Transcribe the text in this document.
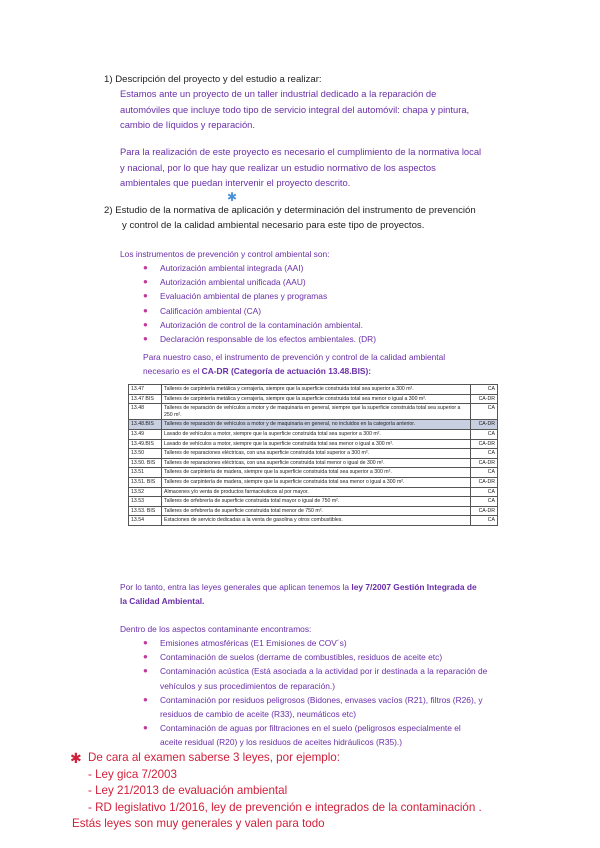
1) Descripción del proyecto y del estudio a realizar:
Estamos ante un proyecto de un taller industrial dedicado a la reparación de
automóviles que incluye todo tipo de servicio integral del automóvil: chapa y pintura,
cambio de líquidos y reparación.
Para la realización de este proyecto es necesario el cumplimiento de la normativa local
y nacional, por lo que hay que realizar un estudio normativo de los aspectos
ambientales que puedan intervenir el proyecto descrito.
✱
2) Estudio de la normativa de aplicación y determinación del instrumento de prevención
y control de la calidad ambiental necesario para este tipo de proyectos.
Los instrumentos de prevención y control ambiental son:
● Autorización ambiental integrada (AAI)
● Autorización ambiental unificada (AAU)
● Evaluación ambiental de planes y programas
● Calificación ambiental (CA)
● Autorización de control de la contaminación ambiental.
● Declaración responsable de los efectos ambientales. (DR)
Para nuestro caso, el instrumento de prevención y control de la calidad ambiental
necesario es el CA-DR (Categoría de actuación 13.48.BIS):
13.47	Talleres de carpintería metálica y cerrajería, siempre que la superficie construida total sea superior a 300 m².	CA
13.47 BIS	Talleres de carpintería metálica y cerrajería, siempre que la superficie construida total sea menor o igual a 300 m².	CA-DR
13.48	Talleres de reparación de vehículos a motor y de maquinaria en general, siempre que la superficie construida total sea superior a 250 m².	CA
13.48.BIS	Talleres de reparación de vehículos a motor y de maquinaria en general, no incluidos en la categoría anterior.	CA-DR
13.49	Lavado de vehículos a motor, siempre que la superficie construida total sea superior a 300 m².	CA
13.49.BIS	Lavado de vehículos a motor, siempre que la superficie construida total sea menor o igual a 300 m².	CA-DR
13.50	Talleres de reparaciones eléctricas, con una superficie construida total superior a 300 m².	CA
13.50. BIS	Talleres de reparaciones eléctricas, con una superficie construida total menor o igual de 300 m².	CA-DR
13.51	Talleres de carpintería de madera, siempre que la superficie construida total sea superior a 300 m².	CA
13.51. BIS	Talleres de carpintería de madera, siempre que la superficie construida total sea menor o igual a 300 m².	CA-DR
13.52	Almacenes y/o venta de productos farmacéuticos al por mayor.	CA
13.53	Talleres de orfebrería de superficie construida total mayor o igual de 750 m².	CA
13.53. BIS	Talleres de orfebrería de superficie construida total menor de 750 m².	CA-DR
13.54	Estaciones de servicio dedicadas a la venta de gasolina y otros combustibles.	CA
Por lo tanto, entra las leyes generales que aplican tenemos la ley 7/2007 Gestión Integrada de
la Calidad Ambiental.
Dentro de los aspectos contaminante encontramos:
● Emisiones atmosféricas (E1 Emisiones de COV´s)
● Contaminación de suelos (derrame de combustibles, residuos de aceite etc)
● Contaminación acústica (Está asociada a la actividad por ir destinada a la reparación de
vehículos y sus procedimientos de reparación.)
● Contaminación por residuos peligrosos (Bidones, envases vacíos (R21), filtros (R26), y
residuos de cambio de aceite (R33), neumáticos etc)
● Contaminación de aguas por filtraciones en el suelo (peligrosos especialmente el
aceite residual (R20) y los residuos de aceites hidráulicos (R35).)
✱ De cara al examen saberse 3 leyes, por ejemplo:
- Ley gica 7/2003
- Ley 21/2013 de evaluación ambiental
- RD legislativo 1/2016, ley de prevención e integrados de la contaminación .
Estás leyes son muy generales y valen para todo
